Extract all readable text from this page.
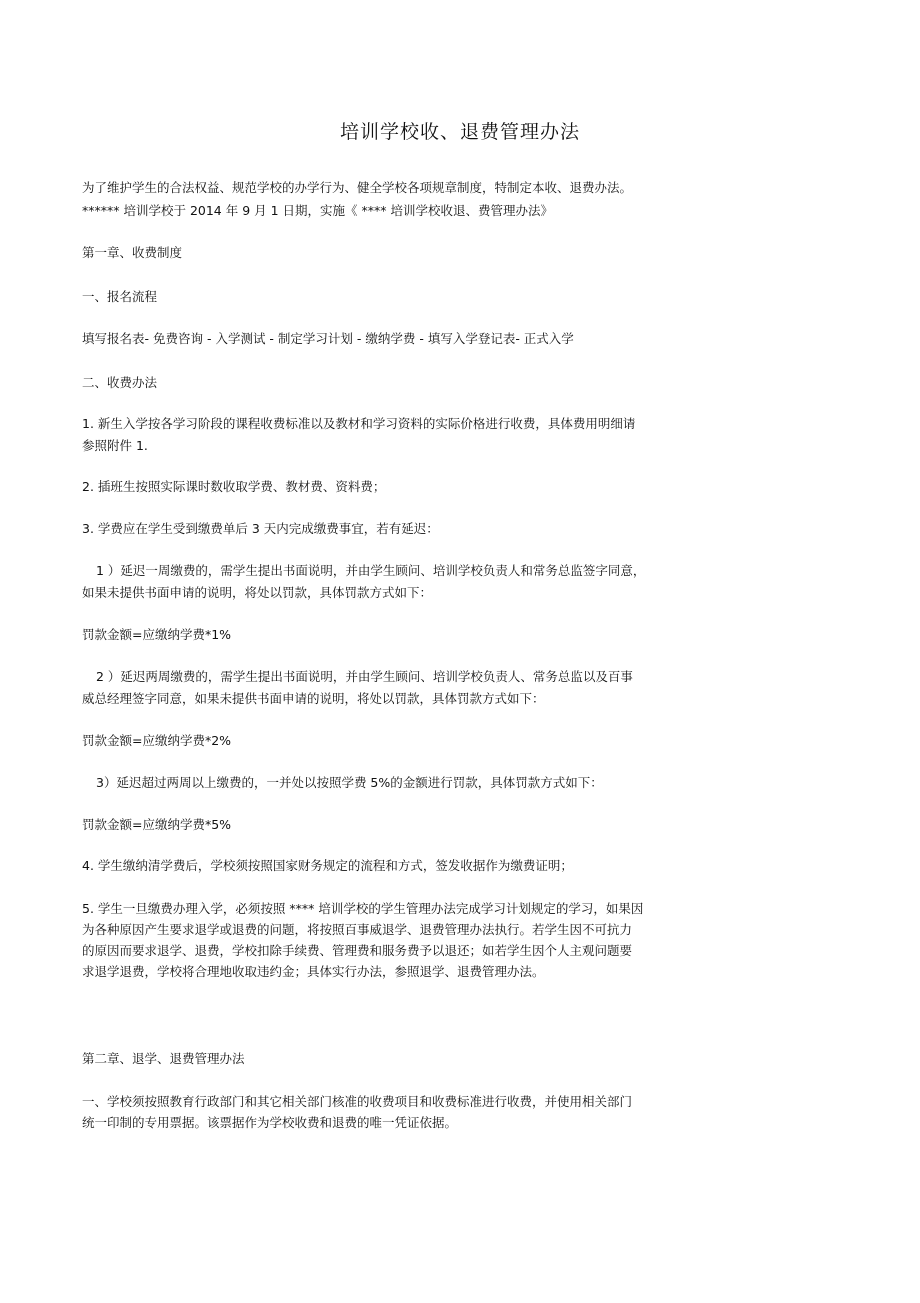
培训学校收、退费管理办法
为了维护学生的合法权益、规范学校的办学行为、健全学校各项规章制度，特制定本收、退费办法。
****** 培训学校于 2014 年 9 月 1 日期，实施《 **** 培训学校收退、费管理办法》
第一章、收费制度
一、报名流程
填写报名表- 免费咨询 - 入学测试 - 制定学习计划 - 缴纳学费 - 填写入学登记表- 正式入学
二、收费办法
1. 新生入学按各学习阶段的课程收费标准以及教材和学习资料的实际价格进行收费，具体费用明细请
参照附件 1.
2. 插班生按照实际课时数收取学费、教材费、资料费；
3. 学费应在学生受到缴费单后 3 天内完成缴费事宜，若有延迟：
1 ）延迟一周缴费的，需学生提出书面说明，并由学生顾问、培训学校负责人和常务总监签字同意，
如果未提供书面申请的说明，将处以罚款，具体罚款方式如下：
罚款金额=应缴纳学费*1%
2 ）延迟两周缴费的，需学生提出书面说明，并由学生顾问、培训学校负责人、常务总监以及百事
威总经理签字同意，如果未提供书面申请的说明，将处以罚款，具体罚款方式如下：
罚款金额=应缴纳学费*2%
3）延迟超过两周以上缴费的，一并处以按照学费 5%的金额进行罚款，具体罚款方式如下：
罚款金额=应缴纳学费*5%
4. 学生缴纳清学费后，学校须按照国家财务规定的流程和方式，签发收据作为缴费证明；
5. 学生一旦缴费办理入学，必须按照 **** 培训学校的学生管理办法完成学习计划规定的学习，如果因
为各种原因产生要求退学或退费的问题，将按照百事威退学、退费管理办法执行。若学生因不可抗力
的原因而要求退学、退费，学校扣除手续费、管理费和服务费予以退还；如若学生因个人主观问题要
求退学退费，学校将合理地收取违约金；具体实行办法，参照退学、退费管理办法。
第二章、退学、退费管理办法
一、学校须按照教育行政部门和其它相关部门核准的收费项目和收费标准进行收费，并使用相关部门
统一印制的专用票据。该票据作为学校收费和退费的唯一凭证依据。
